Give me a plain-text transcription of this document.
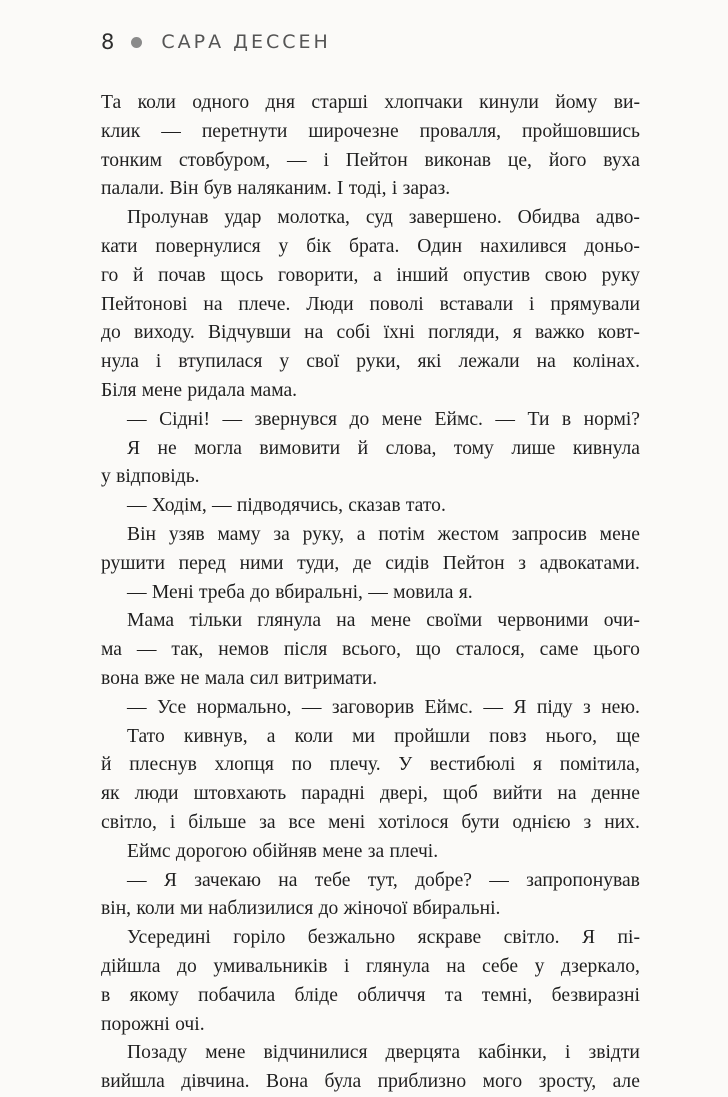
8 САРА ДЕССЕН
Та коли одного дня старші хлопчаки кинули йому ви-
клик — перетнути широчезне провалля, пройшовшись
тонким стовбуром, — і Пейтон виконав це, його вуха
палали. Він був наляканим. І тоді, і зараз.
Пролунав удар молотка, суд завершено. Обидва адво-
кати повернулися у бік брата. Один нахилився доньо-
го й почав щось говорити, а інший опустив свою руку
Пейтонові на плече. Люди поволі вставали і прямували
до виходу. Відчувши на собі їхні погляди, я важко ковт-
нула і втупилася у свої руки, які лежали на колінах.
Біля мене ридала мама.
— Сідні! — звернувся до мене Еймс. — Ти в нормі?
Я не могла вимовити й слова, тому лише кивнула
у відповідь.
— Ходім, — підводячись, сказав тато.
Він узяв маму за руку, а потім жестом запросив мене
рушити перед ними туди, де сидів Пейтон з адвокатами.
— Мені треба до вбиральні, — мовила я.
Мама тільки глянула на мене своїми червоними очи-
ма — так, немов після всього, що сталося, саме цього
вона вже не мала сил витримати.
— Усе нормально, — заговорив Еймс. — Я піду з нею.
Тато кивнув, а коли ми пройшли повз нього, ще
й плеснув хлопця по плечу. У вестибюлі я помітила,
як люди штовхають парадні двері, щоб вийти на денне
світло, і більше за все мені хотілося бути однією з них.
Еймс дорогою обійняв мене за плечі.
— Я зачекаю на тебе тут, добре? — запропонував
він, коли ми наблизилися до жіночої вбиральні.
Усередині горіло безжально яскраве світло. Я пі-
дійшла до умивальників і глянула на себе у дзеркало,
в якому побачила бліде обличчя та темні, безвиразні
порожні очі.
Позаду мене відчинилися дверцята кабінки, і звідти
вийшла дівчина. Вона була приблизно мого зросту, але
